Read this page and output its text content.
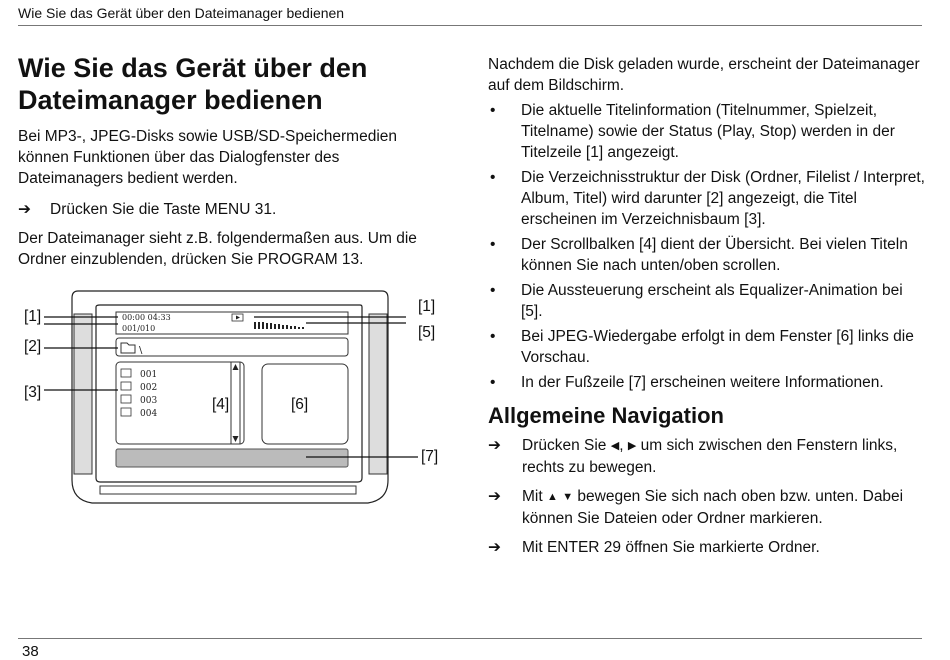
Wie Sie das Gerät über den Dateimanager bedienen
Wie Sie das Gerät über den Dateimanager bedienen

Bei MP3-, JPEG-Disks sowie USB/SD-Speichermedien können Funktionen über das Dialogfenster des Dateimanagers bedient werden.

➔	Drücken Sie die Taste MENU 31.

Der Dateimanager sieht z.B. folgendermaßen aus. Um die Ordner einzublenden, drücken Sie PROGRAM 13.

00:00 04:33
001/010
\
001
002
003
004
[1]
[2]
[3]
[4]	[6]
[1]
[5]
[7]

Nachdem die Disk geladen wurde, erscheint der Dateimanager auf dem Bildschirm.

•	Die aktuelle Titelinformation (Titelnummer, Spielzeit, Titelname) sowie der Status (Play, Stop) werden in der Titelzeile [1] angezeigt.
•	Die Verzeichnisstruktur der Disk (Ordner, Filelist / Interpret, Album, Titel) wird darunter [2] angezeigt, die Titel erscheinen im Verzeichnisbaum [3].
•	Der Scrollbalken [4] dient der Übersicht. Bei vielen Titeln können Sie nach unten/oben scrollen.
•	Die Aussteuerung erscheint als Equalizer-Animation bei [5].
•	Bei JPEG-Wiedergabe erfolgt in dem Fenster [6] links die Vorschau.
•	In der Fußzeile [7] erscheinen weitere Informationen.
Allgemeine Navigation
➔	Drücken Sie ◀, ▶ um sich zwischen den Fenstern links, rechts zu bewegen.
➔	Mit ▲ ▼ bewegen Sie sich nach oben bzw. unten. Dabei können Sie Dateien oder Ordner markieren.
➔	Mit ENTER 29 öffnen Sie markierte Ordner.
38
